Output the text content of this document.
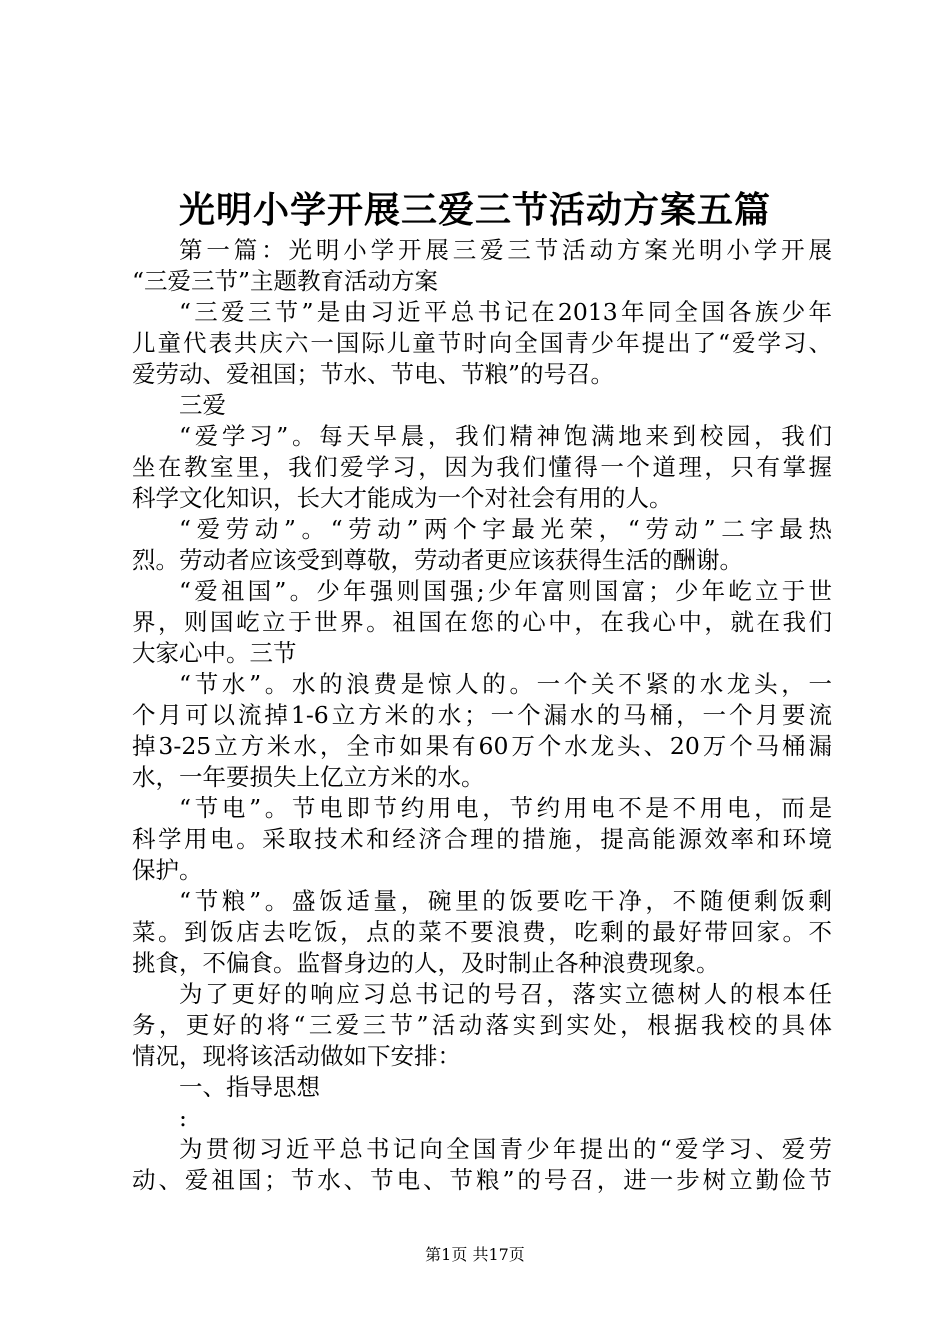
光明小学开展三爱三节活动方案五篇
第一篇：光明小学开展三爱三节活动方案光明小学开展
“三爱三节”主题教育活动方案
“三爱三节”是由习近平总书记在2013年同全国各族少年
儿童代表共庆六一国际儿童节时向全国青少年提出了“爱学习、
爱劳动、爱祖国；节水、节电、节粮”的号召。
三爱
“爱学习”。每天早晨，我们精神饱满地来到校园，我们
坐在教室里，我们爱学习，因为我们懂得一个道理，只有掌握
科学文化知识，长大才能成为一个对社会有用的人。
“爱劳动”。“劳动”两个字最光荣，“劳动”二字最热
烈。劳动者应该受到尊敬，劳动者更应该获得生活的酬谢。
“爱祖国”。少年强则国强;少年富则国富；少年屹立于世
界，则国屹立于世界。祖国在您的心中，在我心中，就在我们
大家心中。三节
“节水”。水的浪费是惊人的。一个关不紧的水龙头，一
个月可以流掉1-6立方米的水；一个漏水的马桶，一个月要流
掉3-25立方米水，全市如果有60万个水龙头、20万个马桶漏
水，一年要损失上亿立方米的水。
“节电”。节电即节约用电，节约用电不是不用电，而是
科学用电。采取技术和经济合理的措施，提高能源效率和环境
保护。
“节粮”。盛饭适量，碗里的饭要吃干净，不随便剩饭剩
菜。到饭店去吃饭，点的菜不要浪费，吃剩的最好带回家。不
挑食，不偏食。监督身边的人，及时制止各种浪费现象。
为了更好的响应习总书记的号召，落实立德树人的根本任
务，更好的将“三爱三节”活动落实到实处，根据我校的具体
情况，现将该活动做如下安排：
一、指导思想
:
为贯彻习近平总书记向全国青少年提出的“爱学习、爱劳
动、爱祖国；节水、节电、节粮”的号召，进一步树立勤俭节
第1页 共17页
